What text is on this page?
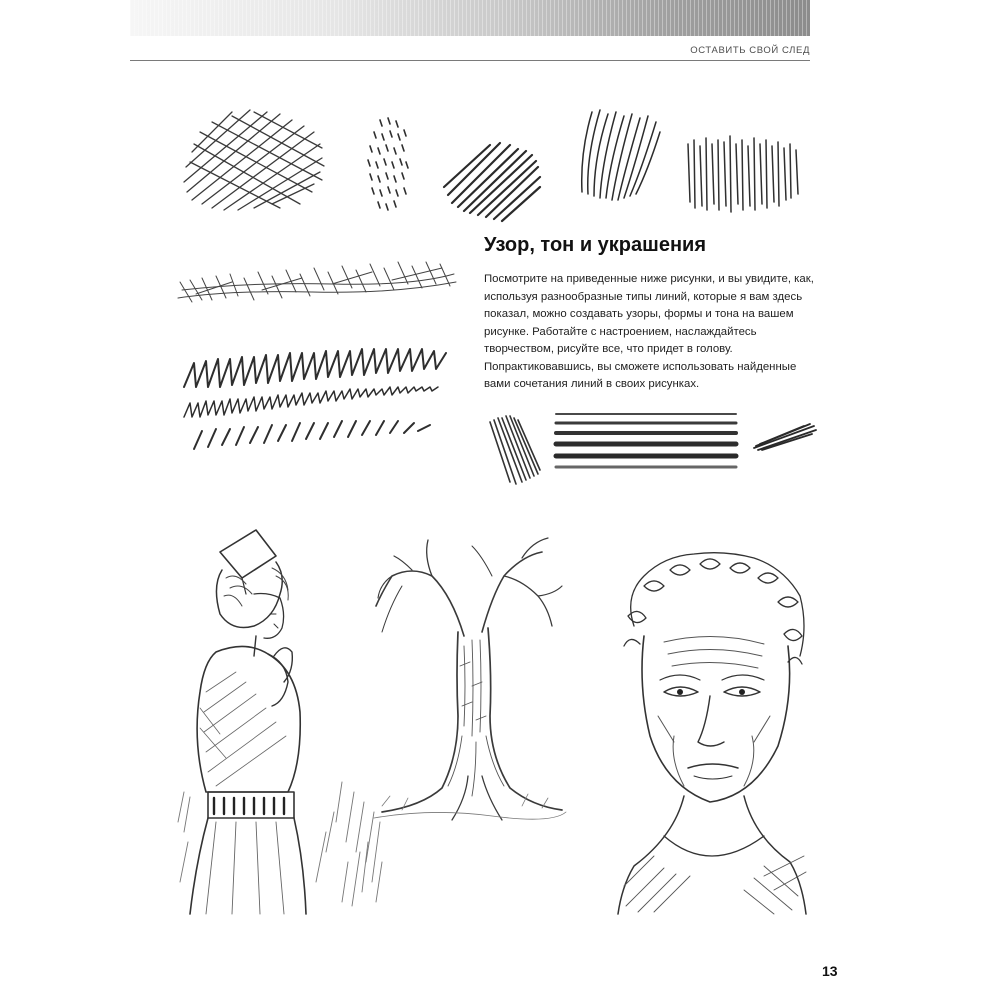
ОСТАВИТЬ СВОЙ СЛЕД
Узор, тон и украшения

Посмотрите на приведенные ниже рисунки, и вы увидите, как, используя разнообразные типы линий, которые я вам здесь показал, можно создавать узоры, формы и тона на вашем рисунке. Работайте с настроением, наслаждайтесь творчеством, рисуйте все, что придет в голову. Попрактиковавшись, вы сможете использовать найденные вами сочетания линий в своих рисунках.

13
